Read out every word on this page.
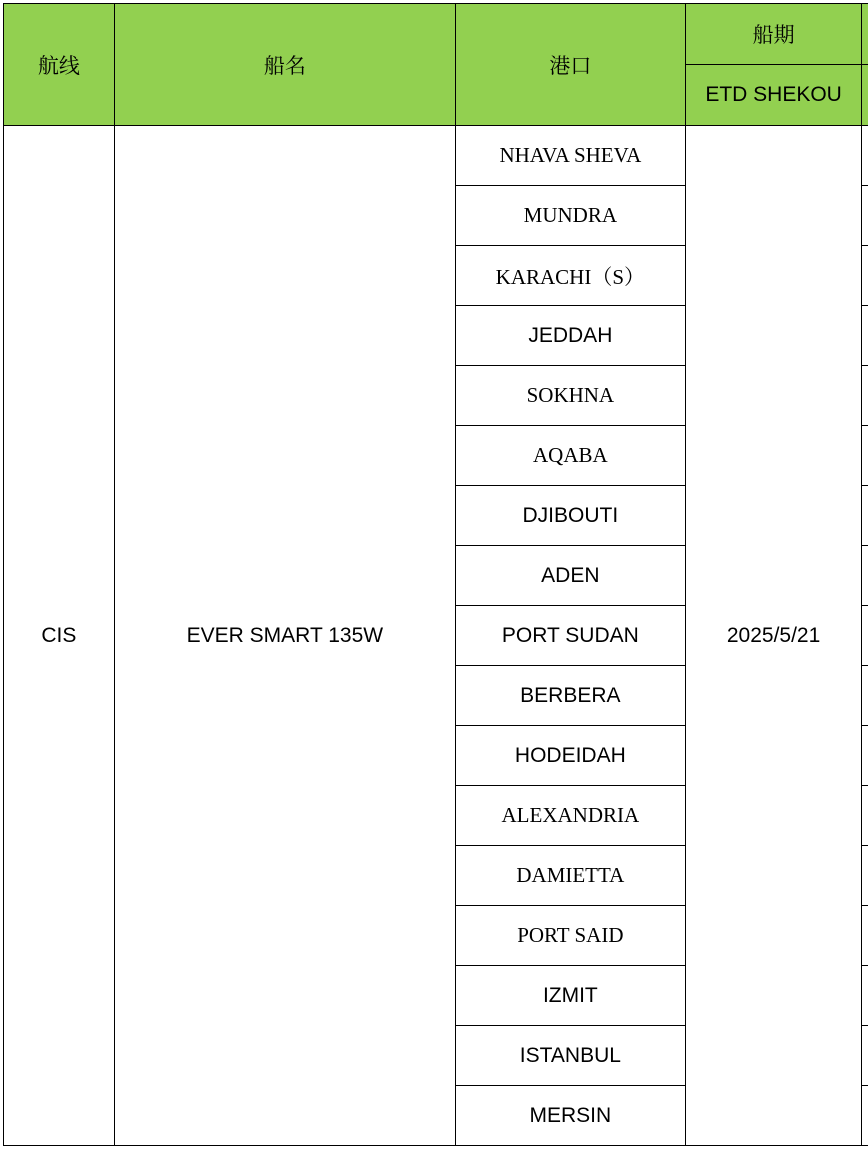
航线	船名	港口	船期	
			ETD SHEKOU	
CIS	EVER SMART 135W	NHAVA SHEVA	2025/5/21	
		MUNDRA		
		KARACHI（S）		
		JEDDAH		
		SOKHNA		
		AQABA		
		DJIBOUTI		
		ADEN		
		PORT SUDAN		
		BERBERA		
		HODEIDAH		
		ALEXANDRIA		
		DAMIETTA		
		PORT SAID		
		IZMIT		
		ISTANBUL		
		MERSIN		
